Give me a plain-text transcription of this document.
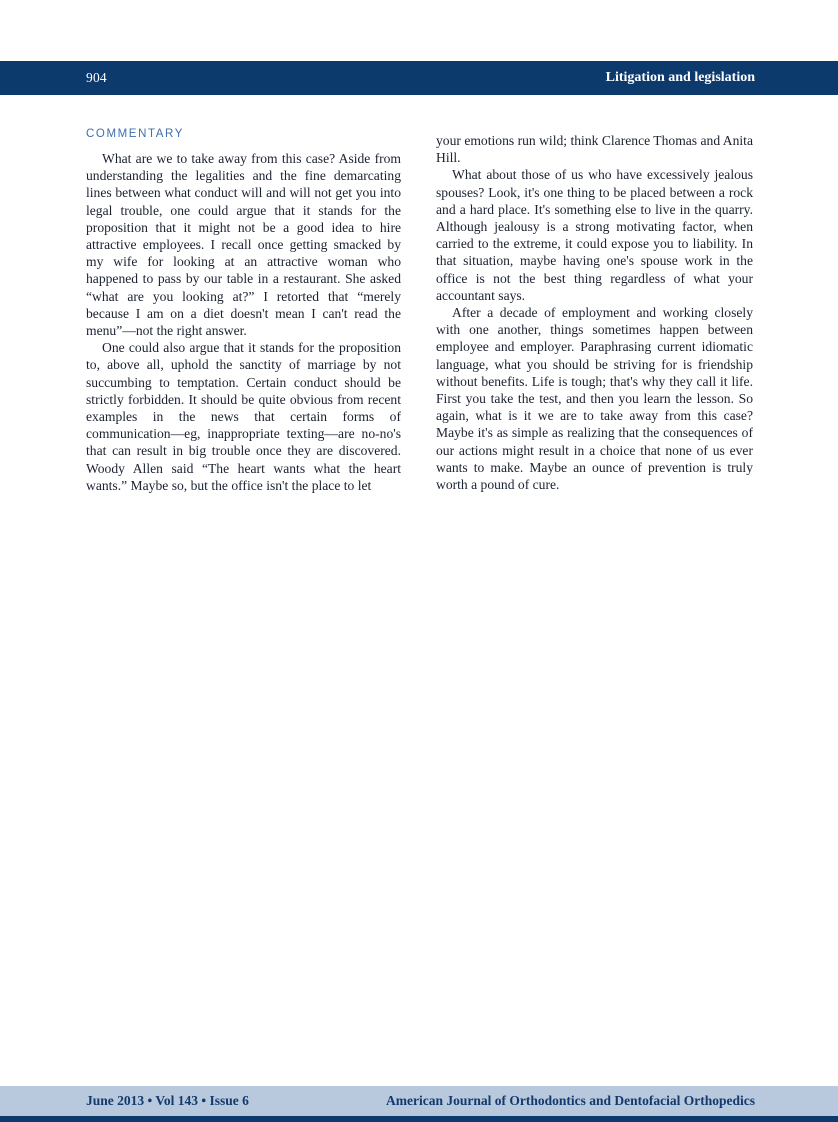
904	Litigation and legislation
COMMENTARY

What are we to take away from this case? Aside from understanding the legalities and the fine demarcating lines between what conduct will and will not get you into legal trouble, one could argue that it stands for the proposition that it might not be a good idea to hire attractive employees. I recall once getting smacked by my wife for looking at an attractive woman who happened to pass by our table in a restaurant. She asked “what are you looking at?” I retorted that “merely because I am on a diet doesn't mean I can't read the menu”—not the right answer.

One could also argue that it stands for the proposition to, above all, uphold the sanctity of marriage by not succumbing to temptation. Certain conduct should be strictly forbidden. It should be quite obvious from recent examples in the news that certain forms of communication—eg, inappropriate texting—are no-no's that can result in big trouble once they are discovered. Woody Allen said “The heart wants what the heart wants.” Maybe so, but the office isn't the place to let

your emotions run wild; think Clarence Thomas and Anita Hill.

What about those of us who have excessively jealous spouses? Look, it's one thing to be placed between a rock and a hard place. It's something else to live in the quarry. Although jealousy is a strong motivating factor, when carried to the extreme, it could expose you to liability. In that situation, maybe having one's spouse work in the office is not the best thing regardless of what your accountant says.

After a decade of employment and working closely with one another, things sometimes happen between employee and employer. Paraphrasing current idiomatic language, what you should be striving for is friendship without benefits. Life is tough; that's why they call it life. First you take the test, and then you learn the lesson. So again, what is it we are to take away from this case? Maybe it's as simple as realizing that the consequences of our actions might result in a choice that none of us ever wants to make. Maybe an ounce of prevention is truly worth a pound of cure.

June 2013 • Vol 143 • Issue 6	American Journal of Orthodontics and Dentofacial Orthopedics
